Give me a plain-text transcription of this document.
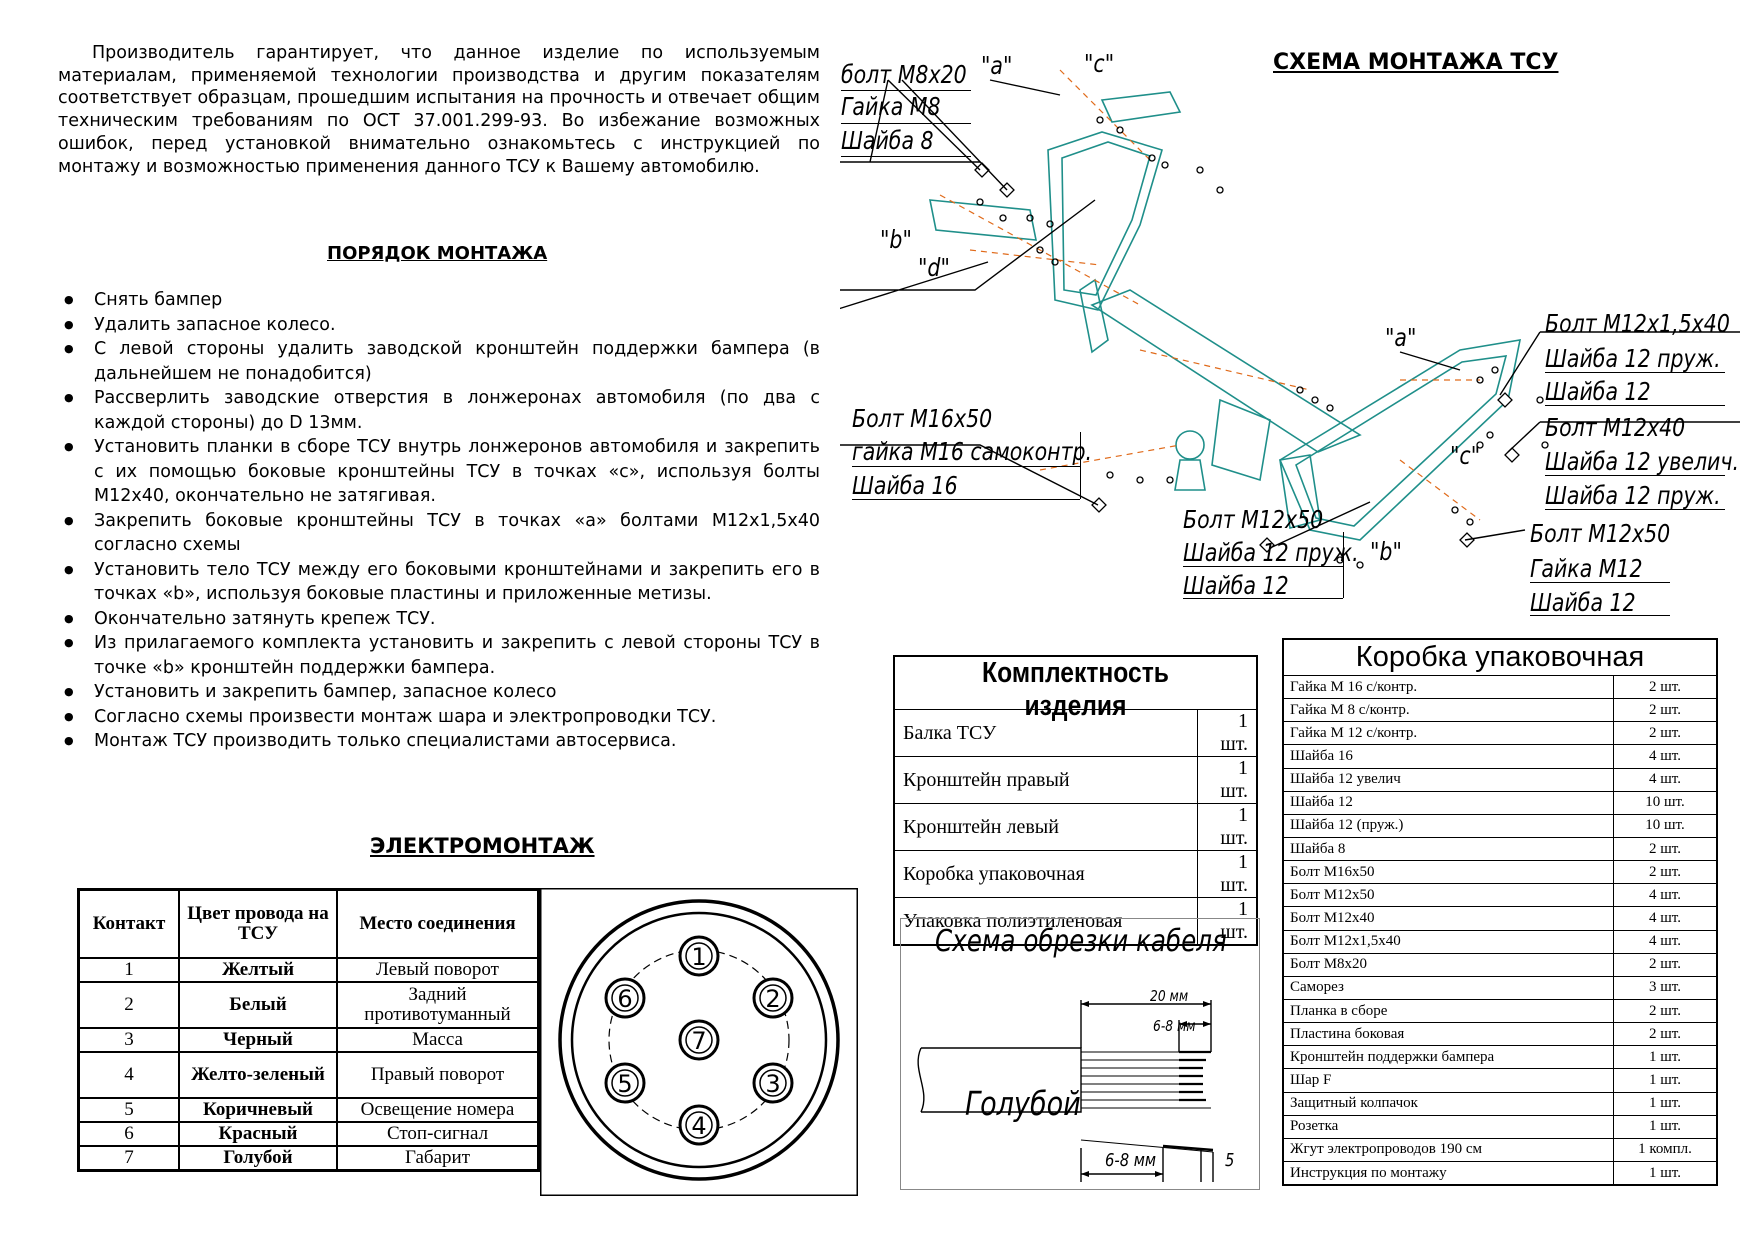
Производитель гарантирует, что данное изделие по используемым материалам, применяемой технологии производства и другим показателям соответствует образцам, прошедшим испытания на прочность и отвечает общим техническим требованиям по ОСТ 37.001.299-93. Во избежание возможных ошибок, перед установкой внимательно ознакомьтесь с инструкцией по монтажу и возможностью применения данного ТСУ к Вашему автомобилю.
ПОРЯДОК МОНТАЖА
● Снять бампер
● Удалить запасное колесо.
● С левой стороны удалить заводской кронштейн поддержки бампера (в дальнейшем не понадобится)
● Рассверлить заводские отверстия в лонжеронах автомобиля (по два с каждой стороны) до D 13мм.
● Установить планки в сборе ТСУ внутрь лонжеронов автомобиля и закрепить с их помощью боковые кронштейны ТСУ в точках «с», используя болты М12х40, окончательно не затягивая.
● Закрепить боковые кронштейны ТСУ в точках «а» болтами М12х1,5х40 согласно схемы
● Установить тело ТСУ между его боковыми кронштейнами и закрепить его в точках «b», используя боковые пластины и приложенные метизы.
● Окончательно затянуть крепеж ТСУ.
● Из прилагаемого комплекта установить и закрепить с левой стороны ТСУ в точке «b» кронштейн поддержки бампера.
● Установить и закрепить бампер, запасное колесо
● Согласно схемы произвести монтаж шара и электропроводки ТСУ.
● Монтаж ТСУ производить только специалистами автосервиса.
ЭЛЕКТРОМОНТАЖ
Контакт	Цвет провода на ТСУ	Место соединения
1	Желтый	Левый поворот
2	Белый	Задний противотуманный
3	Черный	Масса
4	Желто-зеленый	Правый поворот
5	Коричневый	Освещение номера
6	Красный	Стоп-сигнал
7	Голубой	Габарит
1
2
3
4
5
6
7
СХЕМА МОНТАЖА ТСУ
"a"	"c"
"b"
"d"
"a"
"c"
"b"
болт М8х20
Гайка М8
Шайба 8
Болт М16х50
гайка М16 самоконтр.
Шайба 16
Болт М12х1,5х40
Шайба 12 пруж.
Шайба 12
Болт М12х40
Шайба 12 увелич.
Шайба 12 пруж.
Болт М12х50
Шайба 12 пруж.
Шайба 12
Болт М12х50
Гайка М12
Шайба 12
Комплектность изделия	

Балка ТСУ	1 шт.
Кронштейн правый	1 шт.
Кронштейн левый	1 шт.
Коробка упаковочная	1 шт.
Упаковка полиэтиленовая	1 шт.
Коробка упаковочная	
Гайка М 16 с/контр.	2 шт.
Гайка М 8 с/контр.	2 шт.
Гайка М 12 с/контр.	2 шт.
Шайба 16	4 шт.
Шайба 12 увелич	4 шт.
Шайба 12	10 шт.
Шайба 12 (пруж.)	10 шт.
Шайба 8	2 шт.
Болт М16х50	2 шт.
Болт М12х50	4 шт.
Болт М12х40	4 шт.
Болт М12х1,5х40	4 шт.
Болт М8х20	2 шт.
Саморез	3 шт.
Планка в сборе	2 шт.
Пластина боковая	2 шт.
Кронштейн поддержки бампера	1 шт.
Шар F	1 шт.
Защитный колпачок	1 шт.
Розетка	1 шт.
Жгут электропроводов 190 см	1 компл.
Инструкция по монтажу	1 шт.
Схема обрезки кабеля
20 мм
6-8 мм
6-8 мм	5
Голубой
